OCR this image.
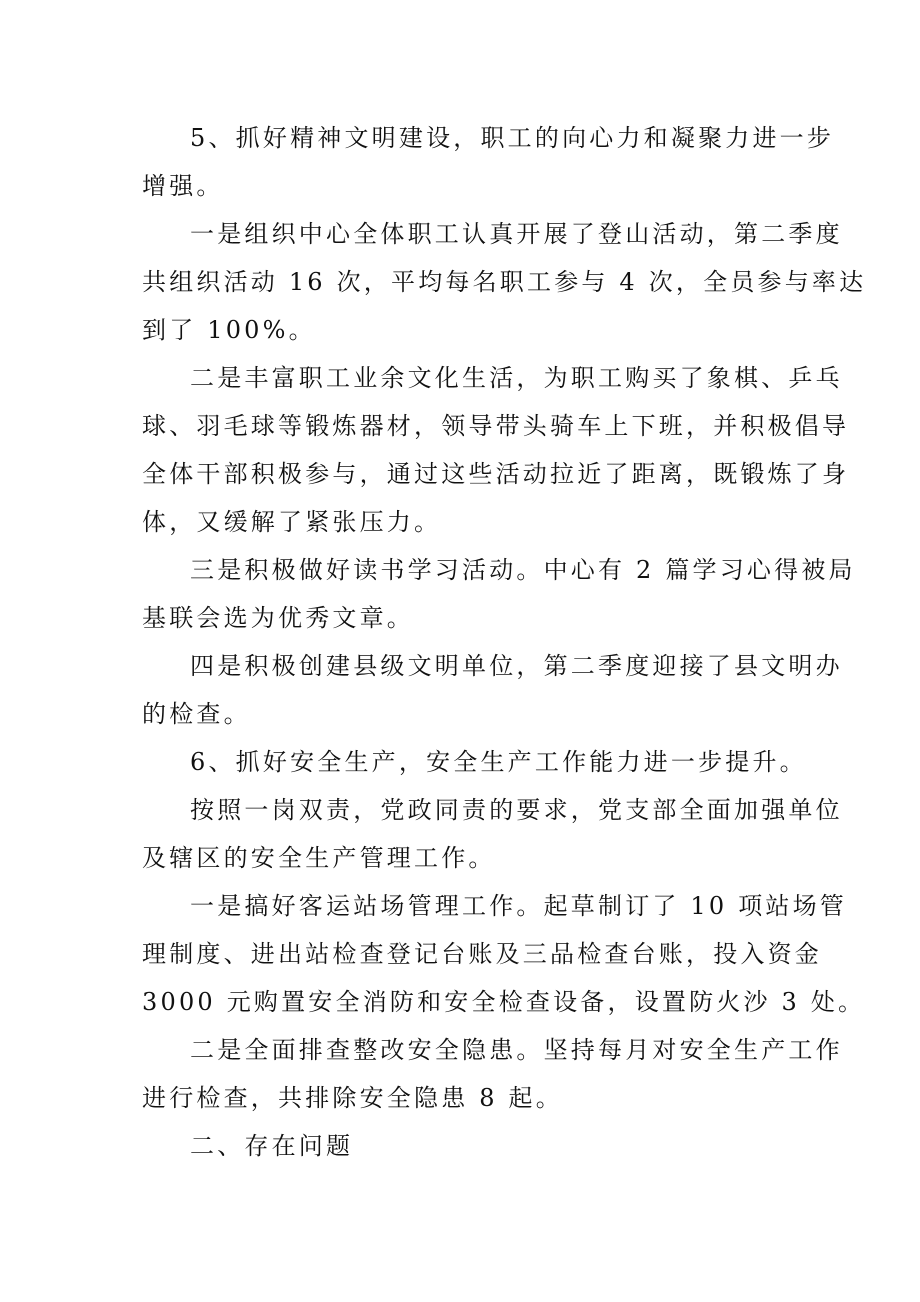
5、抓好精神文明建设，职工的向心力和凝聚力进一步
增强。
一是组织中心全体职工认真开展了登山活动，第二季度
共组织活动 16 次，平均每名职工参与 4 次，全员参与率达
到了 100%。
二是丰富职工业余文化生活，为职工购买了象棋、乒乓
球、羽毛球等锻炼器材，领导带头骑车上下班，并积极倡导
全体干部积极参与，通过这些活动拉近了距离，既锻炼了身
体，又缓解了紧张压力。
三是积极做好读书学习活动。中心有 2 篇学习心得被局
基联会选为优秀文章。
四是积极创建县级文明单位，第二季度迎接了县文明办
的检查。
6、抓好安全生产，安全生产工作能力进一步提升。
按照一岗双责，党政同责的要求，党支部全面加强单位
及辖区的安全生产管理工作。
一是搞好客运站场管理工作。起草制订了 10 项站场管
理制度、进出站检查登记台账及三品检查台账，投入资金
3000 元购置安全消防和安全检查设备，设置防火沙 3 处。
二是全面排查整改安全隐患。坚持每月对安全生产工作
进行检查，共排除安全隐患 8 起。
二、存在问题
